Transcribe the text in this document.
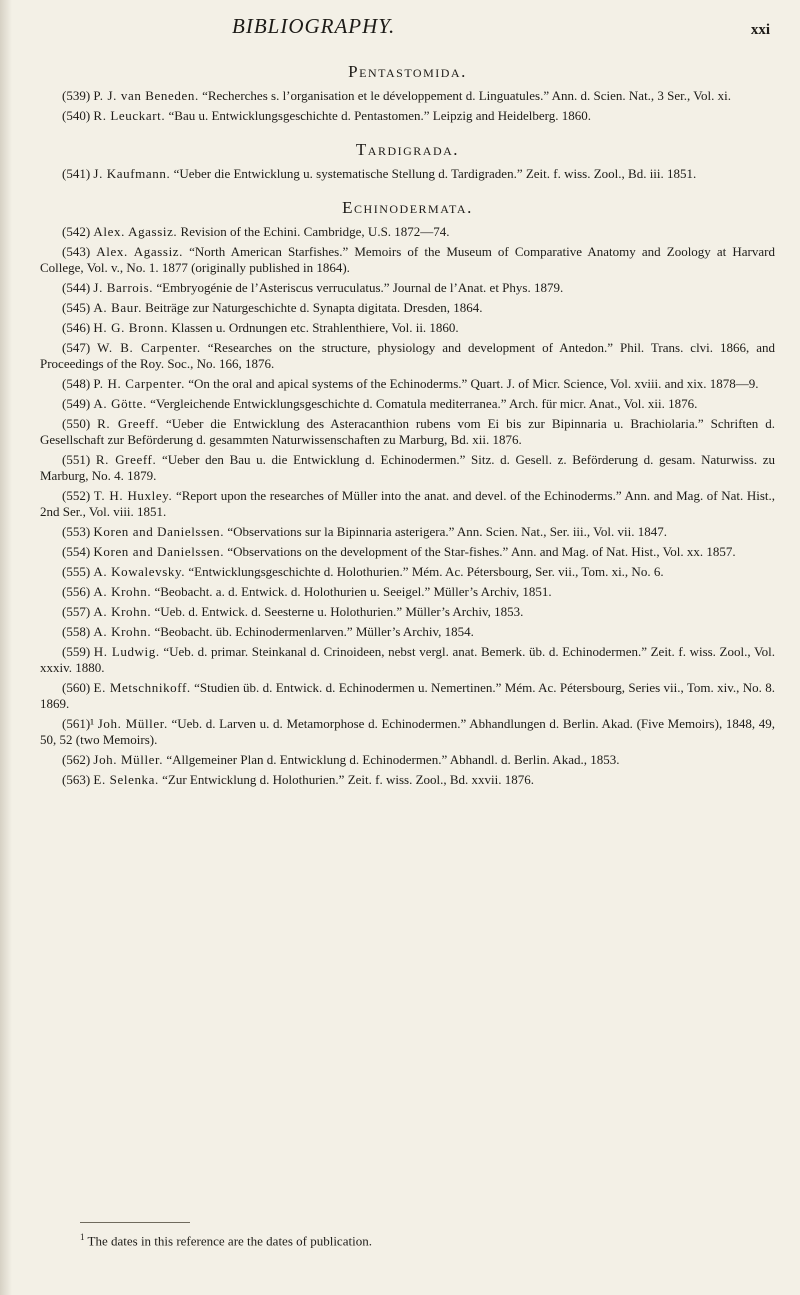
BIBLIOGRAPHY.	xxi
Pentastomida.
(539) P. J. van Beneden. “Recherches s. l’organisation et le développement d. Linguatules.” Ann. d. Scien. Nat., 3 Ser., Vol. xi.
(540) R. Leuckart. “Bau u. Entwicklungsgeschichte d. Pentastomen.” Leipzig and Heidelberg. 1860.
Tardigrada.
(541) J. Kaufmann. “Ueber die Entwicklung u. systematische Stellung d. Tardigraden.” Zeit. f. wiss. Zool., Bd. iii. 1851.
Echinodermata.
(542) Alex. Agassiz. Revision of the Echini. Cambridge, U.S. 1872—74.
(543) Alex. Agassiz. “North American Starfishes.” Memoirs of the Museum of Comparative Anatomy and Zoology at Harvard College, Vol. v., No. 1. 1877 (originally published in 1864).
(544) J. Barrois. “Embryogénie de l’Asteriscus verruculatus.” Journal de l’Anat. et Phys. 1879.
(545) A. Baur. Beiträge zur Naturgeschichte d. Synapta digitata. Dresden, 1864.
(546) H. G. Bronn. Klassen u. Ordnungen etc. Strahlenthiere, Vol. ii. 1860.
(547) W. B. Carpenter. “Researches on the structure, physiology and development of Antedon.” Phil. Trans. clvi. 1866, and Proceedings of the Roy. Soc., No. 166, 1876.
(548) P. H. Carpenter. “On the oral and apical systems of the Echinoderms.” Quart. J. of Micr. Science, Vol. xviii. and xix. 1878—9.
(549) A. Götte. “Vergleichende Entwicklungsgeschichte d. Comatula mediterranea.” Arch. für micr. Anat., Vol. xii. 1876.
(550) R. Greeff. “Ueber die Entwicklung des Asteracanthion rubens vom Ei bis zur Bipinnaria u. Brachiolaria.” Schriften d. Gesellschaft zur Beförderung d. gesammten Naturwissenschaften zu Marburg, Bd. xii. 1876.
(551) R. Greeff. “Ueber den Bau u. die Entwicklung d. Echinodermen.” Sitz. d. Gesell. z. Beförderung d. gesam. Naturwiss. zu Marburg, No. 4. 1879.
(552) T. H. Huxley. “Report upon the researches of Müller into the anat. and devel. of the Echinoderms.” Ann. and Mag. of Nat. Hist., 2nd Ser., Vol. viii. 1851.
(553) Koren and Danielssen. “Observations sur la Bipinnaria asterigera.” Ann. Scien. Nat., Ser. iii., Vol. vii. 1847.
(554) Koren and Danielssen. “Observations on the development of the Star-fishes.” Ann. and Mag. of Nat. Hist., Vol. xx. 1857.
(555) A. Kowalevsky. “Entwicklungsgeschichte d. Holothurien.” Mém. Ac. Pétersbourg, Ser. vii., Tom. xi., No. 6.
(556) A. Krohn. “Beobacht. a. d. Entwick. d. Holothurien u. Seeigel.” Müller’s Archiv, 1851.
(557) A. Krohn. “Ueb. d. Entwick. d. Seesterne u. Holothurien.” Müller’s Archiv, 1853.
(558) A. Krohn. “Beobacht. üb. Echinodermenlarven.” Müller’s Archiv, 1854.
(559) H. Ludwig. “Ueb. d. primar. Steinkanal d. Crinoideen, nebst vergl. anat. Bemerk. üb. d. Echinodermen.” Zeit. f. wiss. Zool., Vol. xxxiv. 1880.
(560) E. Metschnikoff. “Studien üb. d. Entwick. d. Echinodermen u. Nemertinen.” Mém. Ac. Pétersbourg, Series vii., Tom. xiv., No. 8. 1869.
(561)¹ Joh. Müller. “Ueb. d. Larven u. d. Metamorphose d. Echinodermen.” Abhandlungen d. Berlin. Akad. (Five Memoirs), 1848, 49, 50, 52 (two Memoirs).
(562) Joh. Müller. “Allgemeiner Plan d. Entwicklung d. Echinodermen.” Abhandl. d. Berlin. Akad., 1853.
(563) E. Selenka. “Zur Entwicklung d. Holothurien.” Zeit. f. wiss. Zool., Bd. xxvii. 1876.
$^1$ The dates in this reference are the dates of publication.
